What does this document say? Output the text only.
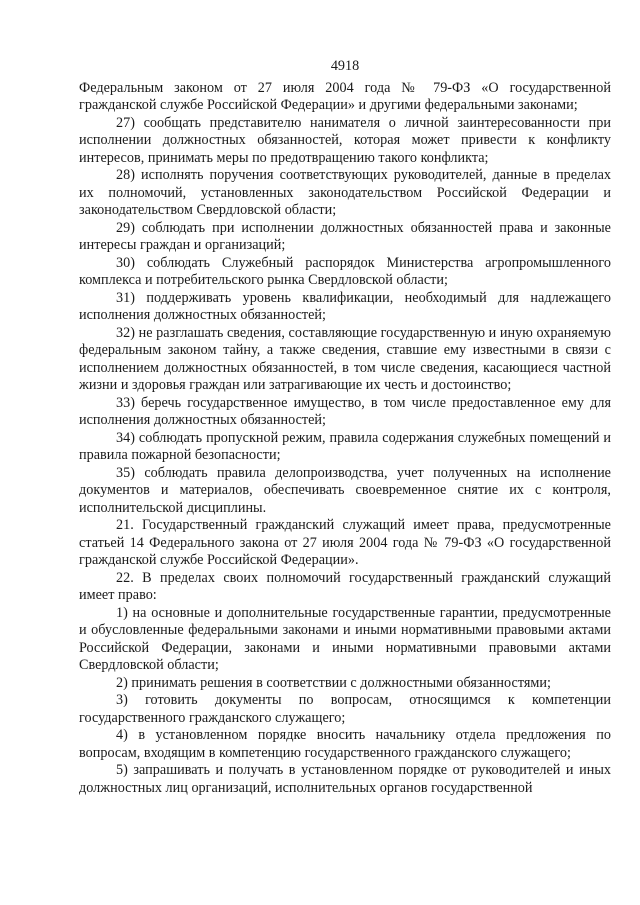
4918

Федеральным законом от 27 июля 2004 года № 79-ФЗ «О государственной гражданской службе Российской Федерации» и другими федеральными законами;

27) сообщать представителю нанимателя о личной заинтересованности при исполнении должностных обязанностей, которая может привести к конфликту интересов, принимать меры по предотвращению такого конфликта;

28) исполнять поручения соответствующих руководителей, данные в пределах их полномочий, установленных законодательством Российской Федерации и законодательством Свердловской области;

29) соблюдать при исполнении должностных обязанностей права и законные интересы граждан и организаций;

30) соблюдать Служебный распорядок Министерства агропромышленного комплекса и потребительского рынка Свердловской области;

31) поддерживать уровень квалификации, необходимый для надлежащего исполнения должностных обязанностей;

32) не разглашать сведения, составляющие государственную и иную охраняемую федеральным законом тайну, а также сведения, ставшие ему известными в связи с исполнением должностных обязанностей, в том числе сведения, касающиеся частной жизни и здоровья граждан или затрагивающие их честь и достоинство;

33) беречь государственное имущество, в том числе предоставленное ему для исполнения должностных обязанностей;

34) соблюдать пропускной режим, правила содержания служебных помещений и правила пожарной безопасности;

35) соблюдать правила делопроизводства, учет полученных на исполнение документов и материалов, обеспечивать своевременное снятие их с контроля, исполнительской дисциплины.

21. Государственный гражданский служащий имеет права, предусмотренные статьей 14 Федерального закона от 27 июля 2004 года № 79-ФЗ «О государственной гражданской службе Российской Федерации».

22. В пределах своих полномочий государственный гражданский служащий имеет право:

1) на основные и дополнительные государственные гарантии, предусмотренные и обусловленные федеральными законами и иными нормативными правовыми актами Российской Федерации, законами и иными нормативными правовыми актами Свердловской области;

2) принимать решения в соответствии с должностными обязанностями;

3) готовить документы по вопросам, относящимся к компетенции государственного гражданского служащего;

4) в установленном порядке вносить начальнику отдела предложения по вопросам, входящим в компетенцию государственного гражданского служащего;

5) запрашивать и получать в установленном порядке от руководителей и иных должностных лиц организаций, исполнительных органов государственной
